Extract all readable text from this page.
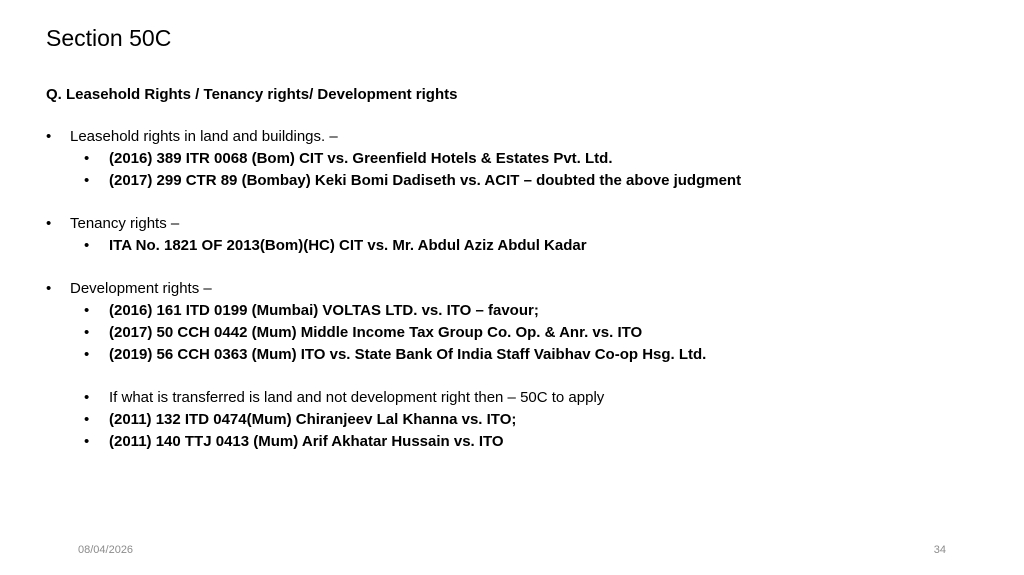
Section 50C
Q. Leasehold Rights / Tenancy rights/ Development rights
• Leasehold rights in land and buildings. –
• (2016) 389 ITR 0068 (Bom) CIT vs. Greenfield Hotels & Estates Pvt. Ltd.
• (2017) 299 CTR 89 (Bombay) Keki Bomi Dadiseth vs. ACIT – doubted the above judgment
• Tenancy rights –
• ITA No. 1821 OF 2013(Bom)(HC) CIT vs. Mr. Abdul Aziz Abdul Kadar
• Development rights –
• (2016) 161 ITD 0199 (Mumbai) VOLTAS LTD. vs. ITO – favour;
• (2017) 50 CCH 0442 (Mum) Middle Income Tax Group Co. Op. & Anr. vs. ITO
• (2019) 56 CCH 0363 (Mum) ITO vs. State Bank Of India Staff Vaibhav Co-op Hsg. Ltd.
• If what is transferred is land and not development right then – 50C to apply
• (2011) 132 ITD 0474(Mum) Chiranjeev Lal Khanna vs. ITO;
• (2011) 140 TTJ 0413 (Mum) Arif Akhatar Hussain vs. ITO
08/04/2026	34
